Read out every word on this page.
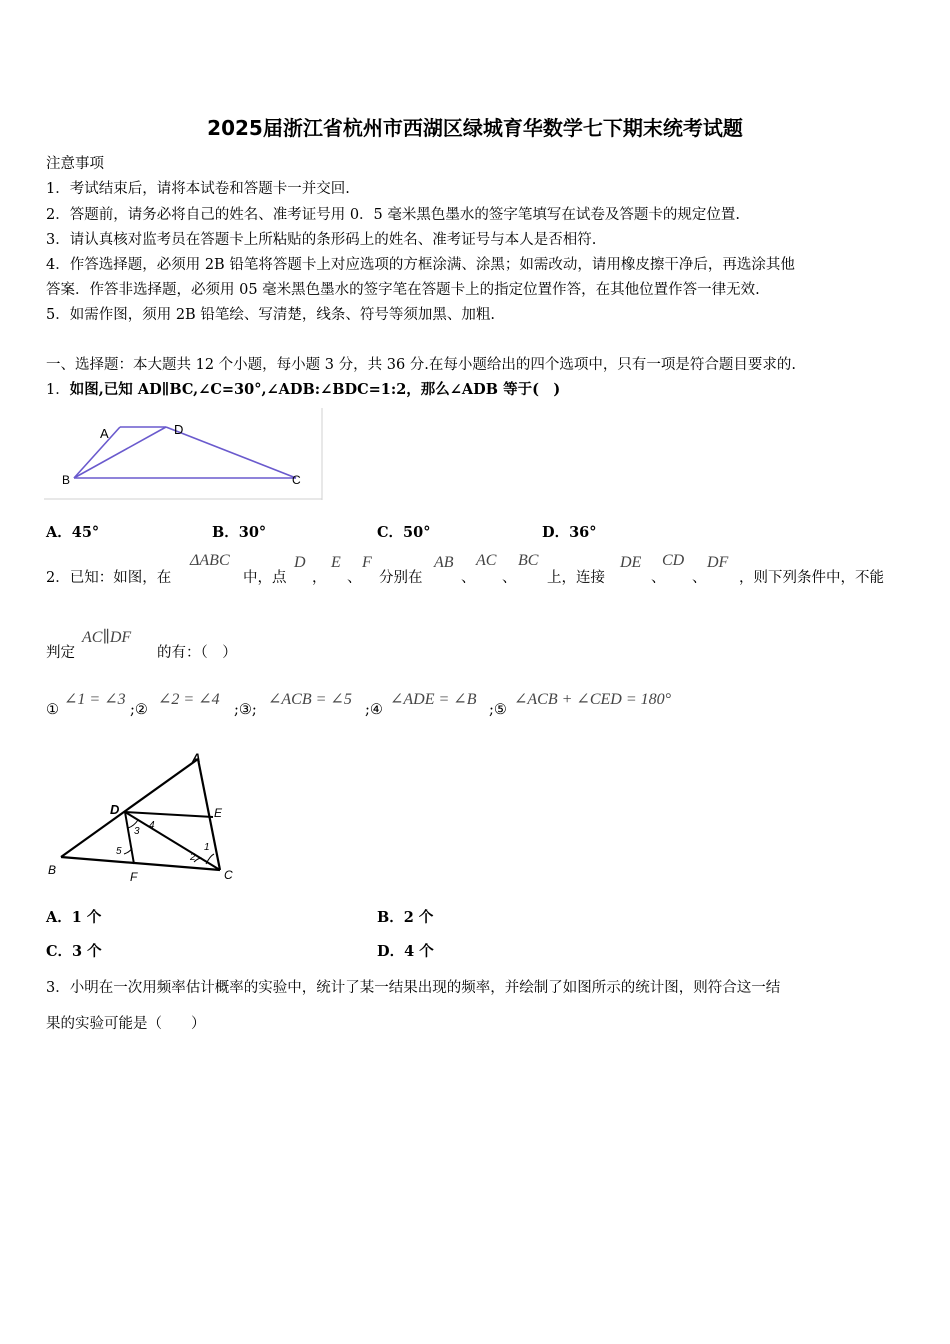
2025届浙江省杭州市西湖区绿城育华数学七下期末统考试题
注意事项
1．考试结束后，请将本试卷和答题卡一并交回.
2．答题前，请务必将自己的姓名、准考证号用 0．5 毫米黑色墨水的签字笔填写在试卷及答题卡的规定位置.
3．请认真核对监考员在答题卡上所粘贴的条形码上的姓名、准考证号与本人是否相符.
4．作答选择题，必须用 2B 铅笔将答题卡上对应选项的方框涂满、涂黑；如需改动，请用橡皮擦干净后，再选涂其他
答案．作答非选择题，必须用 05 毫米黑色墨水的签字笔在答题卡上的指定位置作答，在其他位置作答一律无效.
5．如需作图，须用 2B 铅笔绘、写清楚，线条、符号等须加黑、加粗.
一、选择题：本大题共 12 个小题，每小题 3 分，共 36 分.在每小题给出的四个选项中，只有一项是符合题目要求的.
1．如图,已知 AD∥BC,∠C=30°,∠ADB:∠BDC=1:2，那么∠ADB 等于(　)
A	D
B	C
A．45°	B．30°	C．50°	D．36°
2．已知：如图，在
ΔABC
中，点
D
，
E
、
F
分别在
AB
、
AC
、
BC
上，连接
DE
、
CD
、
DF
，则下列条件中，不能
判定
AC∥DF
的有：（　）
①
∠1 = ∠3
;②
∠2 = ∠4
;③;
∠ACB = ∠5
;④
∠ADE = ∠B
;⑤
∠ACB + ∠CED = 180°
A
D	E
B	F	C
4
3
5	1
2
A．1 个	B．2 个
C．3 个	D．4 个
3．小明在一次用频率估计概率的实验中，统计了某一结果出现的频率，并绘制了如图所示的统计图，则符合这一结
果的实验可能是（　　）
